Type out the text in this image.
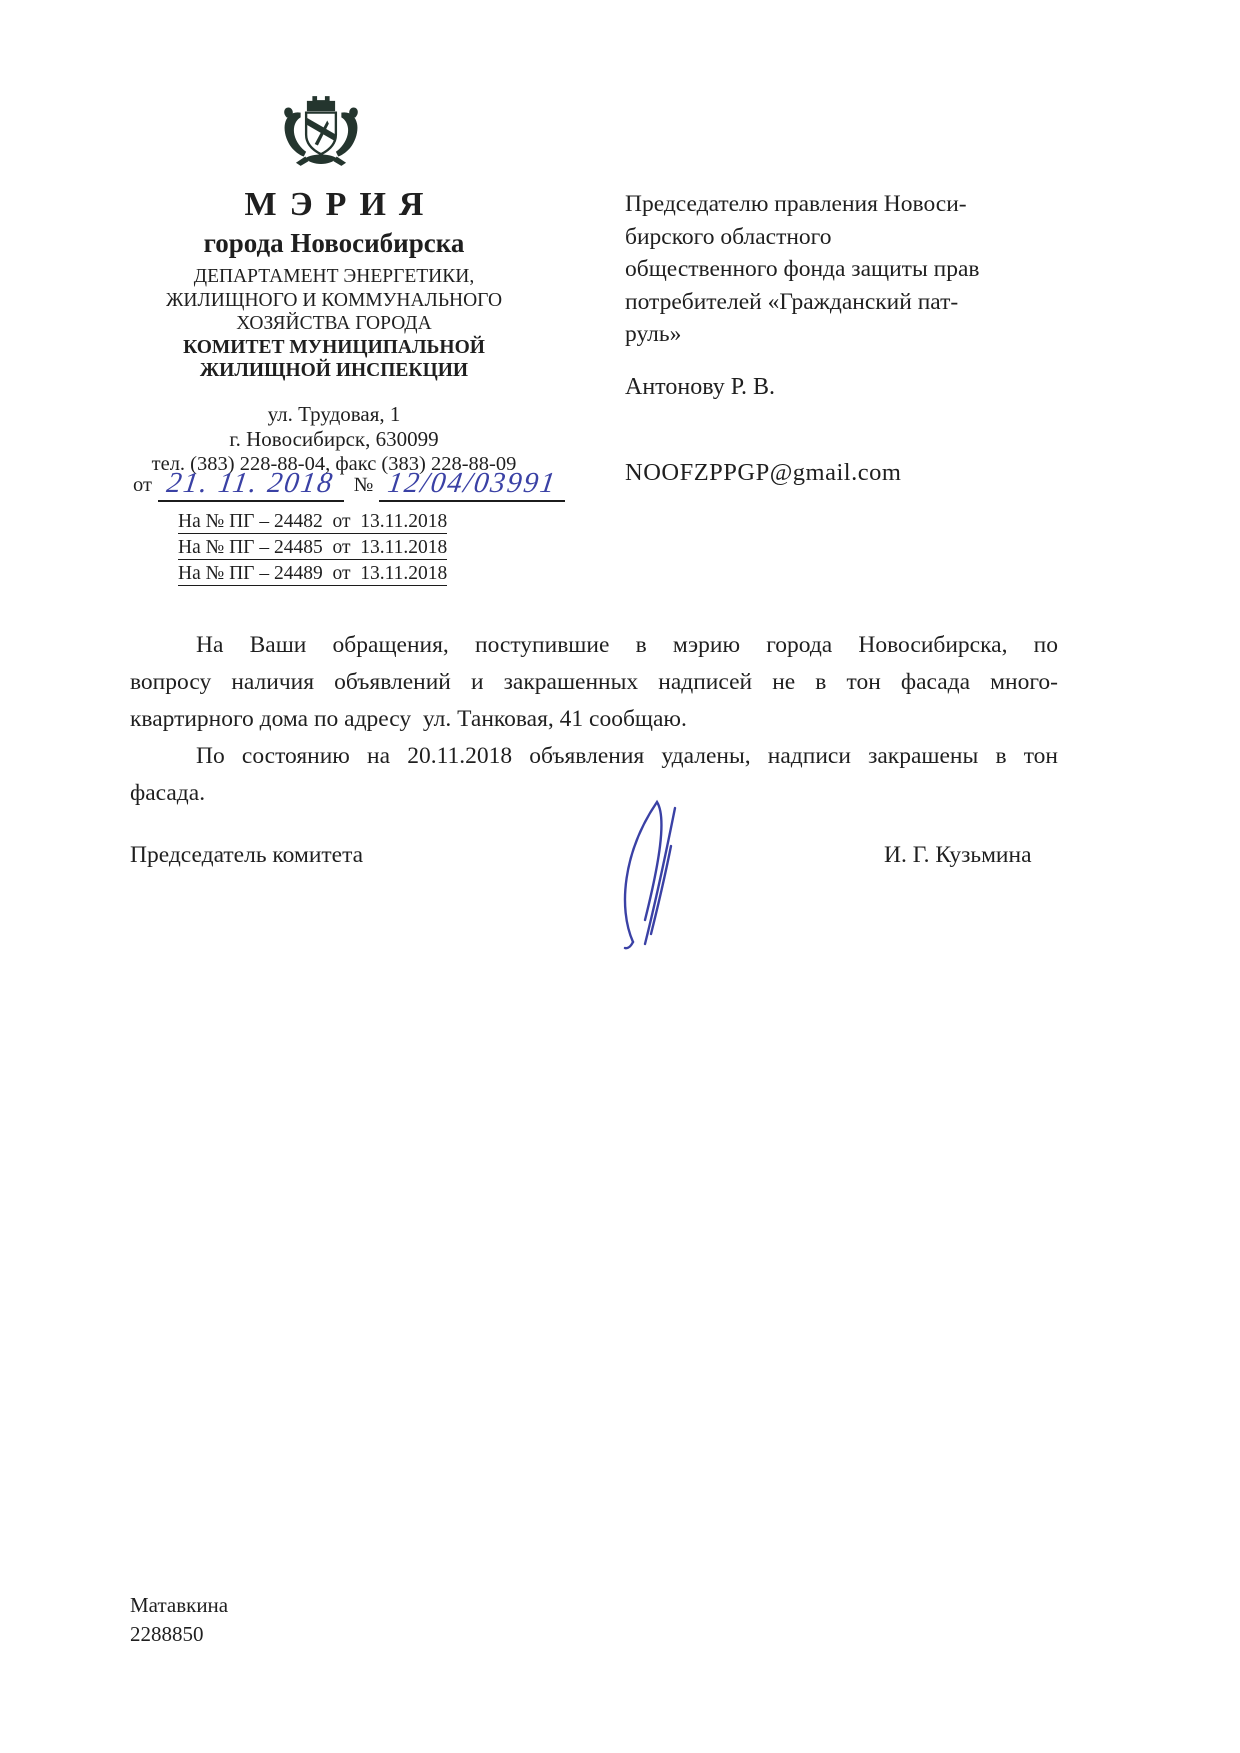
МЭРИЯ
города Новосибирска
ДЕПАРТАМЕНТ ЭНЕРГЕТИКИ,
ЖИЛИЩНОГО И КОММУНАЛЬНОГО
ХОЗЯЙСТВА ГОРОДА
КОМИТЕТ МУНИЦИПАЛЬНОЙ
ЖИЛИЩНОЙ ИНСПЕКЦИИ
ул. Трудовая, 1
г. Новосибирск, 630099
тел. (383) 228-88-04, факс (383) 228-88-09
от 21. 11. 2018 № 12/04/03991
На № ПГ – 24482  от  13.11.2018
На № ПГ – 24485  от  13.11.2018
На № ПГ – 24489  от  13.11.2018
Председателю правления Новоси-
бирского областного
общественного фонда защиты прав
потребителей «Гражданский пат-
руль»
Антонову Р. В.
NOOFZPPGP@gmail.com
На Ваши обращения, поступившие в мэрию города Новосибирска, по
вопросу наличия объявлений и закрашенных надписей не в тон фасада много-
квартирного дома по адресу  ул. Танковая, 41 сообщаю.
По состоянию на 20.11.2018 объявления удалены, надписи закрашены в тон
фасада.
Председатель комитета	И. Г. Кузьмина
Матавкина
2288850
